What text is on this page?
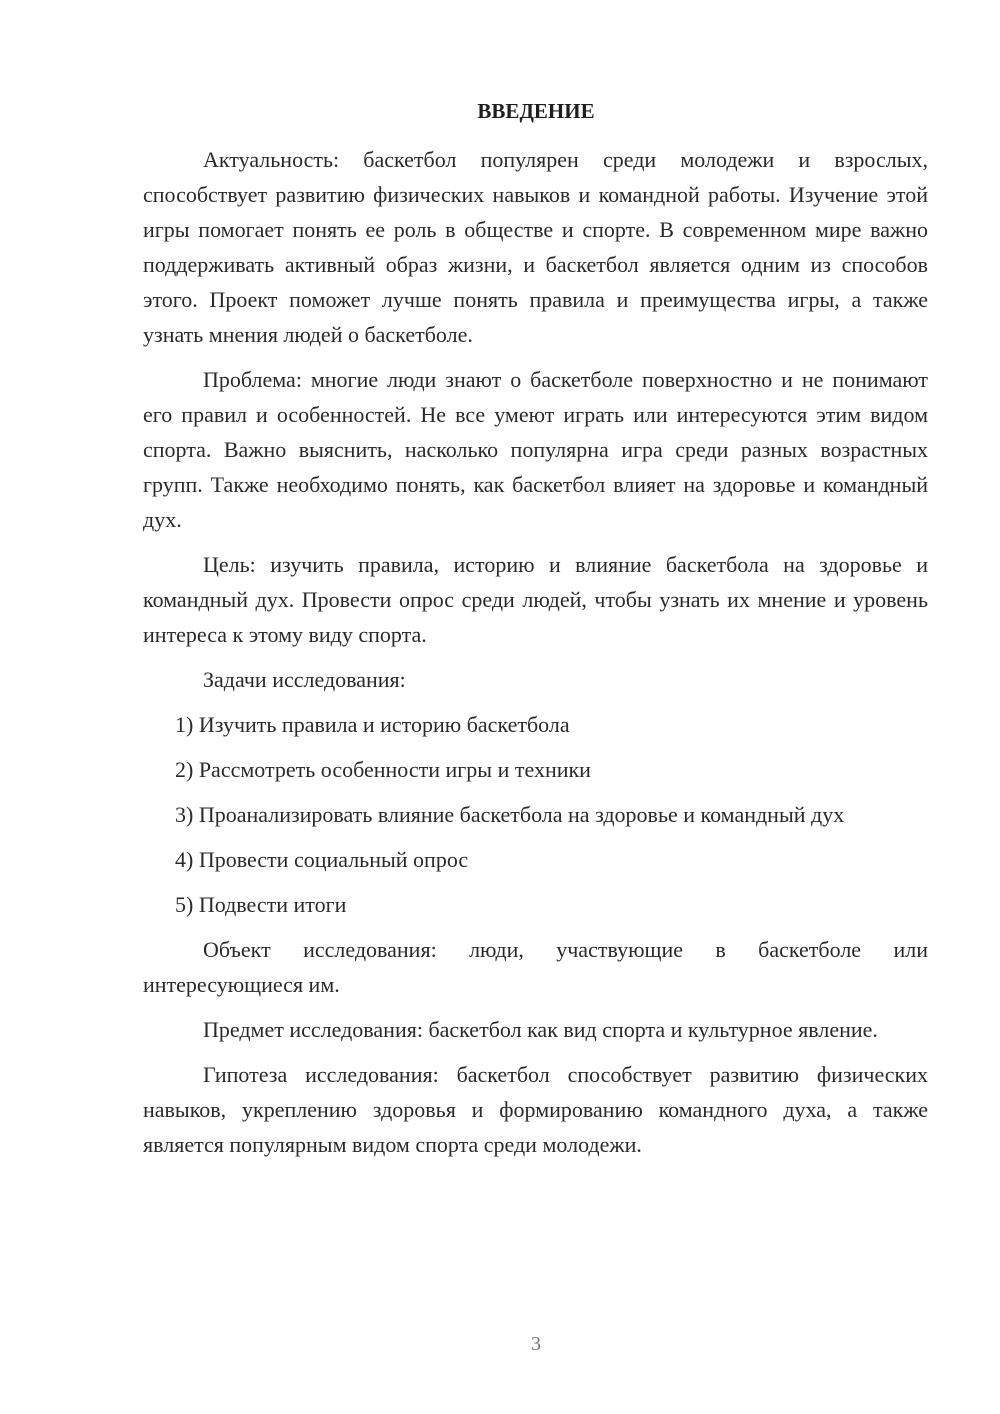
ВВЕДЕНИЕ

Актуальность: баскетбол популярен среди молодежи и взрослых, способствует развитию физических навыков и командной работы. Изучение этой игры помогает понять ее роль в обществе и спорте. В современном мире важно поддерживать активный образ жизни, и баскетбол является одним из способов этого. Проект поможет лучше понять правила и преимущества игры, а также узнать мнения людей о баскетболе.

Проблема: многие люди знают о баскетболе поверхностно и не понимают его правил и особенностей. Не все умеют играть или интересуются этим видом спорта. Важно выяснить, насколько популярна игра среди разных возрастных групп. Также необходимо понять, как баскетбол влияет на здоровье и командный дух.

Цель: изучить правила, историю и влияние баскетбола на здоровье и командный дух. Провести опрос среди людей, чтобы узнать их мнение и уровень интереса к этому виду спорта.

Задачи исследования:

1) Изучить правила и историю баскетбола

2) Рассмотреть особенности игры и техники

3) Проанализировать влияние баскетбола на здоровье и командный дух

4) Провести социальный опрос

5) Подвести итоги

Объект исследования: люди, участвующие в баскетболе или интересующиеся им.

Предмет исследования: баскетбол как вид спорта и культурное явление.

Гипотеза исследования: баскетбол способствует развитию физических навыков, укреплению здоровья и формированию командного духа, а также является популярным видом спорта среди молодежи.

3
